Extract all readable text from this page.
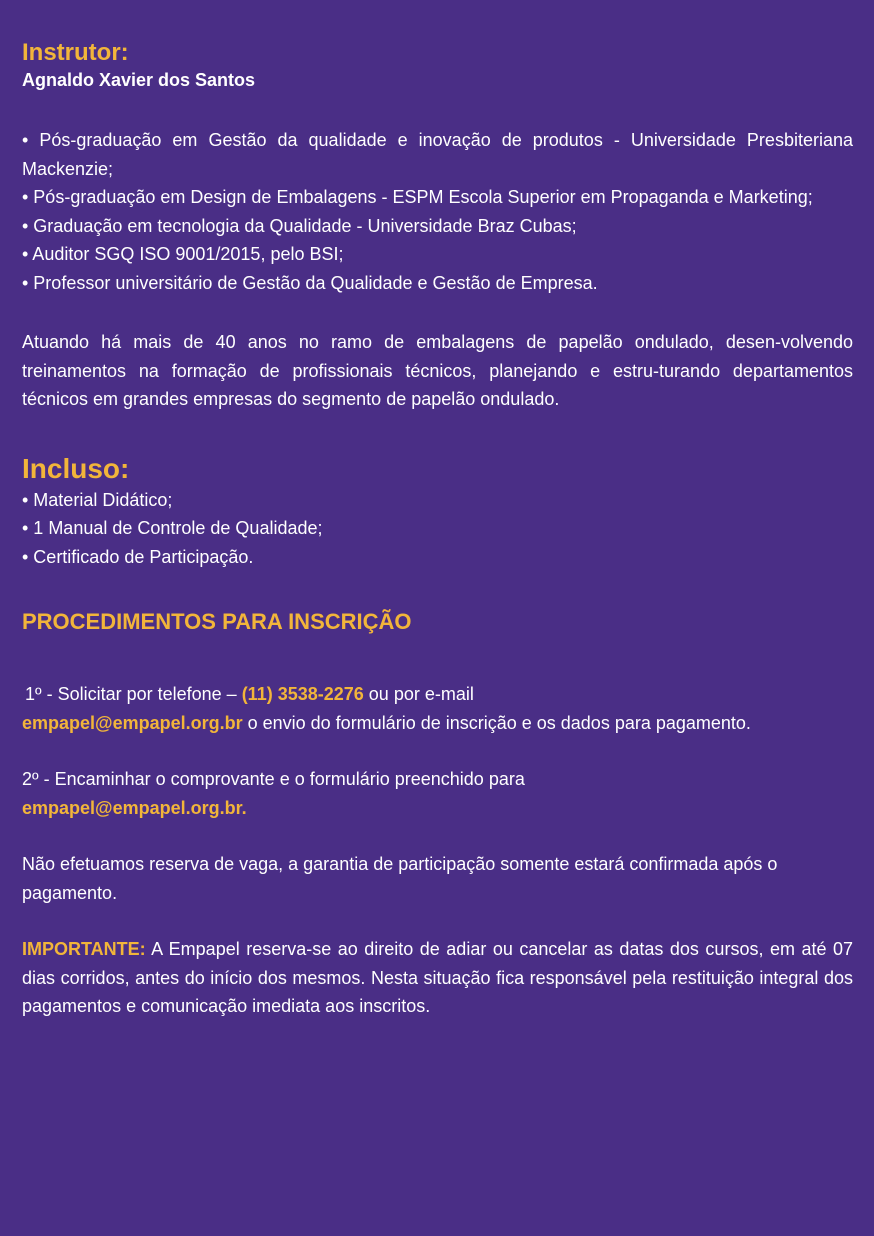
Instrutor:

Agnaldo Xavier dos Santos

• Pós-graduação em Gestão da qualidade e inovação de produtos - Universidade Presbiteriana Mackenzie;
• Pós-graduação em Design de Embalagens - ESPM Escola Superior em Propaganda e Marketing;
• Graduação em tecnologia da Qualidade - Universidade Braz Cubas;
• Auditor SGQ ISO 9001/2015, pelo BSI;
• Professor universitário de Gestão da Qualidade e Gestão de Empresa.

Atuando há mais de 40 anos no ramo de embalagens de papelão ondulado, desen-volvendo treinamentos na formação de profissionais técnicos, planejando e estru-turando departamentos técnicos em grandes empresas do segmento de papelão ondulado.

Incluso:
• Material Didático;
• 1 Manual de Controle de Qualidade;
• Certificado de Participação.
PROCEDIMENTOS PARA INSCRIÇÃO

1º - Solicitar por telefone – (11) 3538-2276 ou por e-mail
empapel@empapel.org.br o envio do formulário de inscrição e os dados para pagamento.

2º - Encaminhar o comprovante e o formulário preenchido para
empapel@empapel.org.br.

Não efetuamos reserva de vaga, a garantia de participação somente estará confirmada após o pagamento.

IMPORTANTE: A Empapel reserva-se ao direito de adiar ou cancelar as datas dos cursos, em até 07 dias corridos, antes do início dos mesmos. Nesta situação fica responsável pela restituição integral dos pagamentos e comunicação imediata aos inscritos.
